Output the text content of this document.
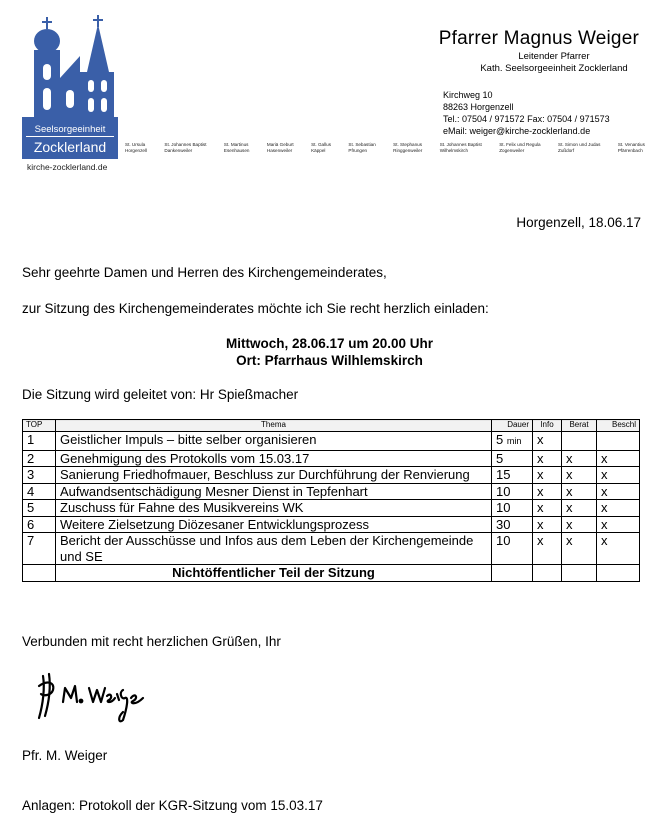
Seelsorgeeinheit
Zocklerland
kirche-zocklerland.de
St. Ursula
Horgenzell
St. Johannes Baptist
Dankenweiler
St. Martinus
Esenhausen
Mariä Geburt
Hasenweiler
St. Gallus
Käppel
St. Sebastian
Pfrungen
St. Stephanus
Ringgenweiler
St. Johannes Baptist
Wilhelmskirch
St. Felix und Regula
Zogenweiler
St. Simon und Judas
Zußdorf
St. Venantius
Pfärrenbach
Pfarrer Magnus Weiger
Leitender Pfarrer
Kath. Seelsorgeeinheit Zocklerland
Kirchweg 10
88263 Horgenzell
Tel.: 07504 / 971572 Fax: 07504 / 971573
eMail: weiger@kirche-zocklerland.de
Horgenzell, 18.06.17
Sehr geehrte Damen und Herren des Kirchengemeinderates,
zur Sitzung des Kirchengemeinderates möchte ich Sie recht herzlich einladen:
Mittwoch, 28.06.17 um 20.00 Uhr
Ort: Pfarrhaus Wilhlemskirch
Die Sitzung wird geleitet von: Hr Spießmacher
TOP	Thema	Dauer	Info	Berat	Beschl
1	Geistlicher Impuls – bitte selber organisieren	5 min	x		
2	Genehmigung des Protokolls vom 15.03.17	5	x	x	x
3	Sanierung Friedhofmauer, Beschluss zur Durchführung der Renvierung	15	x	x	x
4	Aufwandsentschädigung Mesner Dienst in Tepfenhart	10	x	x	x
5	Zuschuss für Fahne des Musikvereins WK	10	x	x	x
6	Weitere Zielsetzung Diözesaner Entwicklungsprozess	30	x	x	x
7	Bericht der Ausschüsse und Infos aus dem Leben der Kirchengemeinde und SE	10	x	x	x
	Nichtöffentlicher Teil der Sitzung				
Verbunden mit recht herzlichen Grüßen, Ihr
Pfr. M. Weiger
Anlagen: Protokoll der KGR-Sitzung vom 15.03.17
